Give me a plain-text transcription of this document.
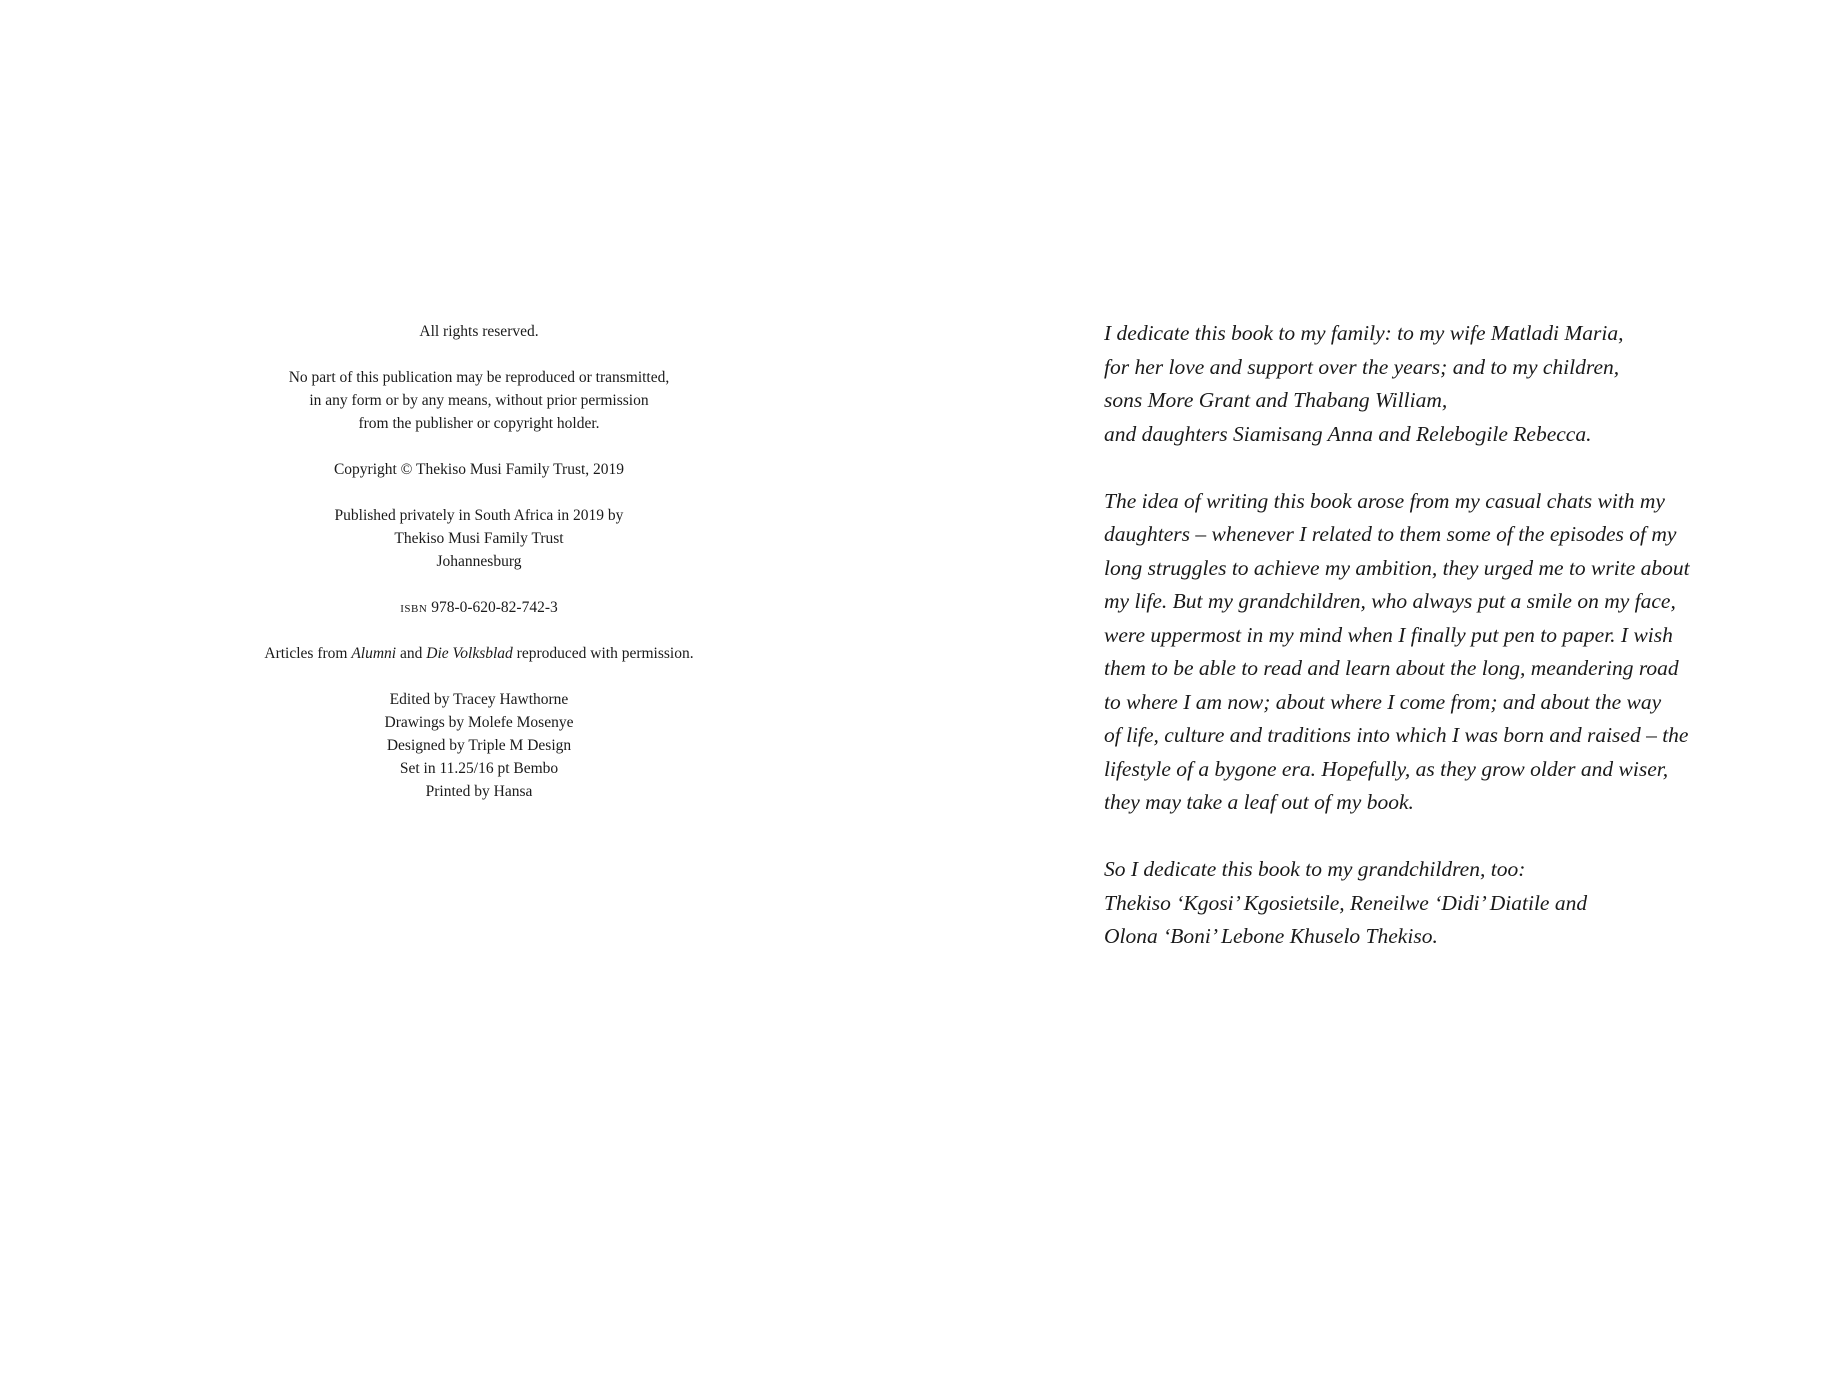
All rights reserved.
No part of this publication may be reproduced or transmitted,
in any form or by any means, without prior permission
from the publisher or copyright holder.
Copyright © Thekiso Musi Family Trust, 2019
Published privately in South Africa in 2019 by
Thekiso Musi Family Trust
Johannesburg
isbn 978-0-620-82-742-3
Articles from Alumni and Die Volksblad reproduced with permission.
Edited by Tracey Hawthorne
Drawings by Molefe Mosenye
Designed by Triple M Design
Set in 11.25/16 pt Bembo
Printed by Hansa

I dedicate this book to my family: to my wife Matladi Maria,
for her love and support over the years; and to my children,
sons More Grant and Thabang William,
and daughters Siamisang Anna and Relebogile Rebecca.

The idea of writing this book arose from my casual chats with my
daughters – whenever I related to them some of the episodes of my
long struggles to achieve my ambition, they urged me to write about
my life. But my grandchildren, who always put a smile on my face,
were uppermost in my mind when I finally put pen to paper. I wish
them to be able to read and learn about the long, meandering road
to where I am now; about where I come from; and about the way
of life, culture and traditions into which I was born and raised – the
lifestyle of a bygone era. Hopefully, as they grow older and wiser,
they may take a leaf out of my book.

So I dedicate this book to my grandchildren, too:
Thekiso ‘Kgosi’ Kgosietsile, Reneilwe ‘Didi’ Diatile and
Olona ‘Boni’ Lebone Khuselo Thekiso.
